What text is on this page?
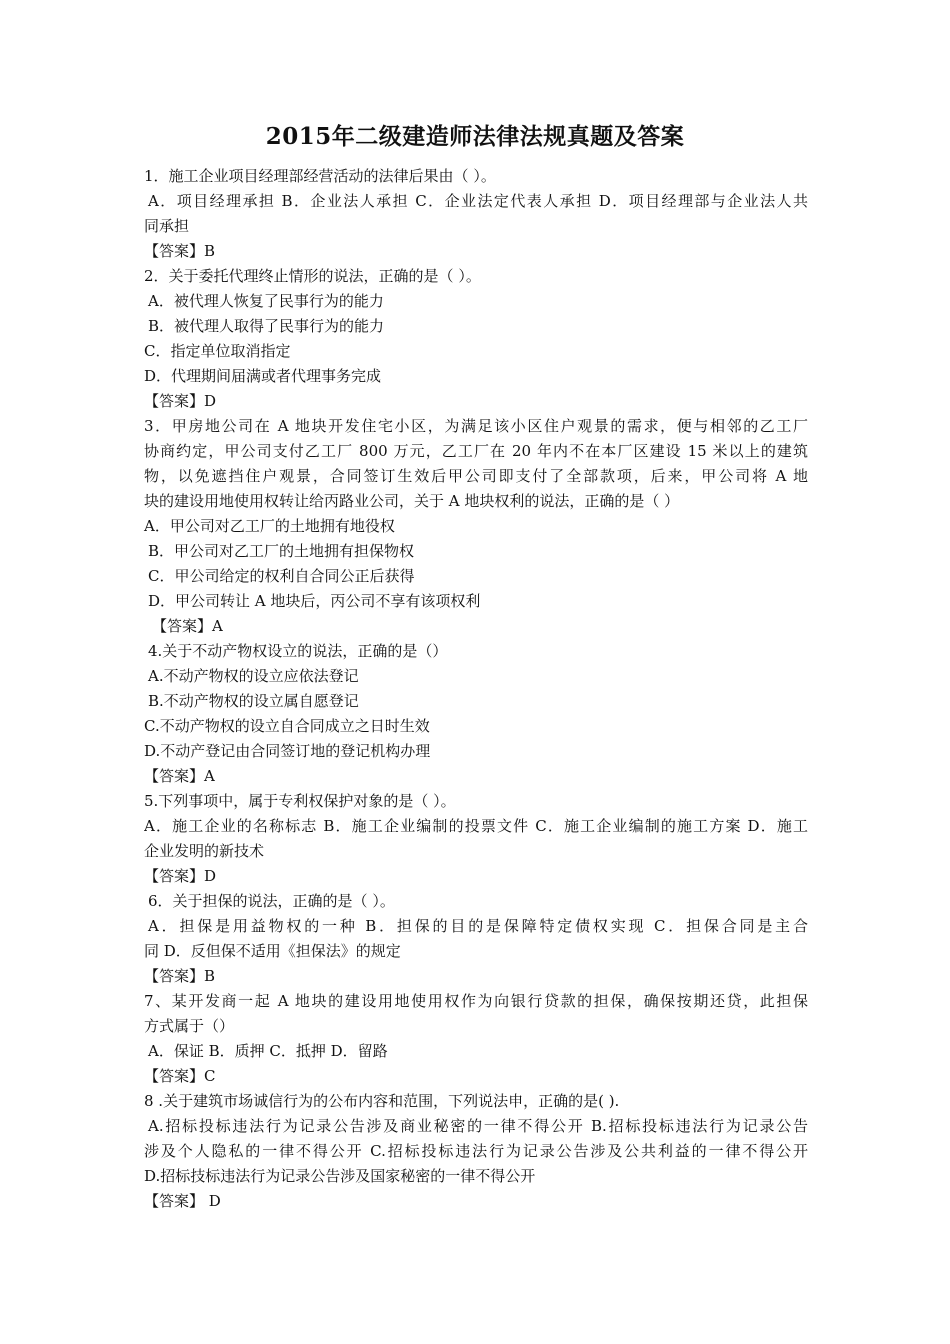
2015年二级建造师法律法规真题及答案
1．施工企业项目经理部经营活动的法律后果由（ ）。
A．项目经理承担 B．企业法人承担 C．企业法定代表人承担 D．项目经理部与企业法人共
同承担
【答案】B
2．关于委托代理终止情形的说法，正确的是（ ）。
A．被代理人恢复了民事行为的能力
B．被代理人取得了民事行为的能力
C．指定单位取消指定
D．代理期间届满或者代理事务完成
【答案】D
3．甲房地公司在 A 地块开发住宅小区，为满足该小区住户观景的需求，便与相邻的乙工厂
协商约定，甲公司支付乙工厂 800 万元，乙工厂在 20 年内不在本厂区建设 15 米以上的建筑
物，以免遮挡住户观景，合同签订生效后甲公司即支付了全部款项，后来，甲公司将 A 地
块的建设用地使用权转让给丙路业公司，关于 A 地块权利的说法，正确的是（ ）
A．甲公司对乙工厂的土地拥有地役权
B．甲公司对乙工厂的土地拥有担保物权
C．甲公司给定的权利自合同公正后获得
D．甲公司转让 A 地块后，丙公司不享有该项权利
【答案】A
4.关于不动产物权设立的说法，正确的是（）
A.不动产物权的设立应依法登记
B.不动产物权的设立属自愿登记
C.不动产物权的设立自合同成立之日时生效
D.不动产登记由合同签订地的登记机构办理
【答案】A
5.下列事项中，属于专利权保护对象的是（ ）。
A．施工企业的名称标志 B．施工企业编制的投票文件 C．施工企业编制的施工方案 D．施工
企业发明的新技术
【答案】D
6．关于担保的说法，正确的是（ ）。
A．担保是用益物权的一种 B．担保的目的是保障特定债权实现 C．担保合同是主合
同 D．反但保不适用《担保法》的规定
【答案】B
7、某开发商一起 A 地块的建设用地使用权作为向银行贷款的担保，确保按期还贷，此担保
方式属于（）
A．保证 B．质押 C．抵押 D．留路
【答案】C
8 .关于建筑市场诚信行为的公布内容和范围，下列说法申，正确的是( ).
A.招标投标违法行为记录公告涉及商业秘密的一律不得公开 B.招标投标违法行为记录公告
涉及个人隐私的一律不得公开 C.招标投标违法行为记录公告涉及公共利益的一律不得公开
D.招标技标违法行为记录公告涉及国家秘密的一律不得公开
【答案】 D
